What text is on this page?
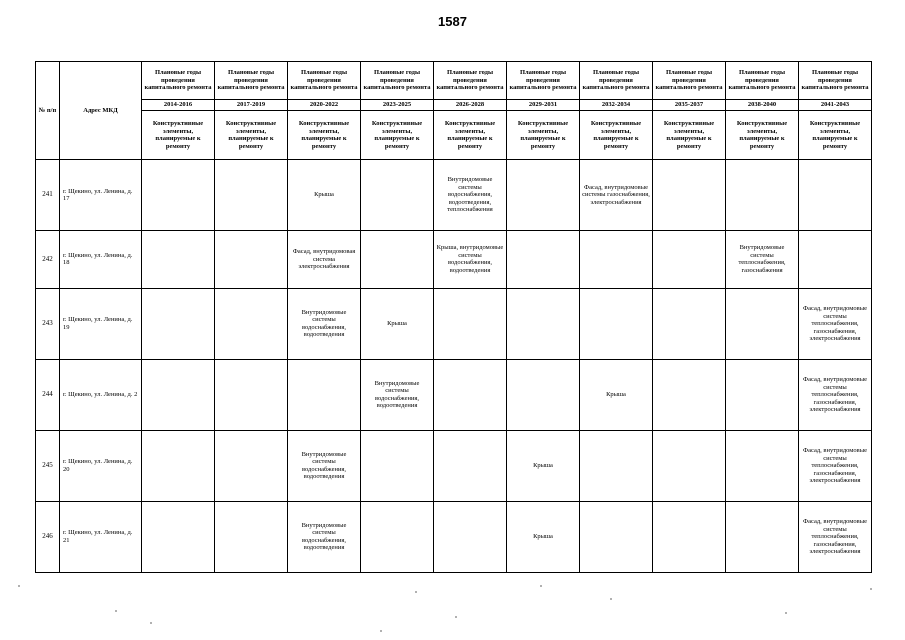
1587
№ п/п	Адрес МКД	Плановые годы проведения капитального ремонта	Плановые годы проведения капитального ремонта	Плановые годы проведения капитального ремонта	Плановые годы проведения капитального ремонта	Плановые годы проведения капитального ремонта	Плановые годы проведения капитального ремонта	Плановые годы проведения капитального ремонта	Плановые годы проведения капитального ремонта	Плановые годы проведения капитального ремонта	Плановые годы проведения капитального ремонта
		2014-2016	2017-2019	2020-2022	2023-2025	2026-2028	2029-2031	2032-2034	2035-2037	2038-2040	2041-2043
		Конструктивные элементы, планируемые к ремонту	Конструктивные элементы, планируемые к ремонту	Конструктивные элементы, планируемые к ремонту	Конструктивные элементы, планируемые к ремонту	Конструктивные элементы, планируемые к ремонту	Конструктивные элементы, планируемые к ремонту	Конструктивные элементы, планируемые к ремонту	Конструктивные элементы, планируемые к ремонту	Конструктивные элементы, планируемые к ремонту	Конструктивные элементы, планируемые к ремонту
241	г. Щекино, ул. Ленина, д. 17			Крыша		Внутридомовые системы водоснабжения, водоотведения, теплоснабжения		Фасад, внутридомовые системы газоснабжения, электроснабжения			
242	г. Щекино, ул. Ленина, д. 18			Фасад, внутридомовая система электроснабжения		Крыша, внутридомовые системы водоснабжения, водоотведения				Внутридомовые системы теплоснабжения, газоснабжения	
243	г. Щекино, ул. Ленина, д. 19			Внутридомовые системы водоснабжения, водоотведения	Крыша						Фасад, внутридомовые системы теплоснабжения, газоснабжения, электроснабжения
244	г. Щекино, ул. Ленина, д. 2				Внутридомовые системы водоснабжения, водоотведения			Крыша			Фасад, внутридомовые системы теплоснабжения, газоснабжения, электроснабжения
245	г. Щекино, ул. Ленина, д. 20			Внутридомовые системы водоснабжения, водоотведения			Крыша				Фасад, внутридомовые системы теплоснабжения, газоснабжения, электроснабжения
246	г. Щекино, ул. Ленина, д. 21			Внутридомовые системы водоснабжения, водоотведения			Крыша				Фасад, внутридомовые системы теплоснабжения, газоснабжения, электроснабжения
